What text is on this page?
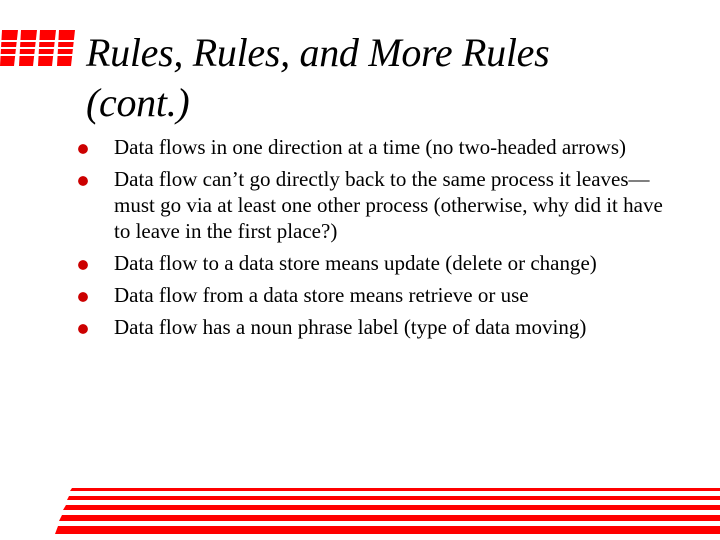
Rules, Rules, and More Rules
(cont.)
Data flows in one direction at a time (no two-headed arrows)
Data flow can’t go directly back to the same process it leaves—must go via at least one other process (otherwise, why did it have to leave in the first place?)
Data flow to a data store means update (delete or change)
Data flow from a data store means retrieve or use
Data flow has a noun phrase label (type of data moving)
